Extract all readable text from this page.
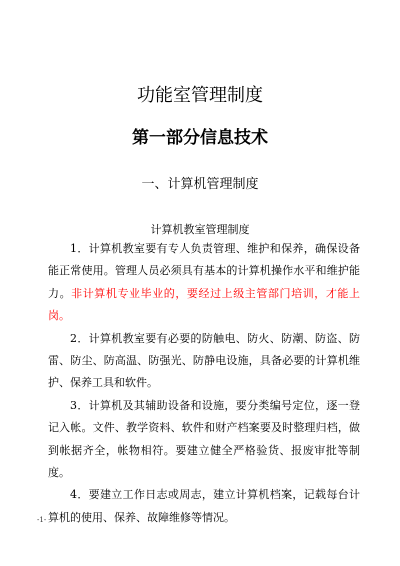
功能室管理制度
第一部分信息技术
一、计算机管理制度
计算机教室管理制度

1．计算机教室要有专人负责管理、维护和保养，确保设备能正常使用。管理人员必须具有基本的计算机操作水平和维护能力。非计算机专业毕业的，要经过上级主管部门培训，才能上岗。

2．计算机教室要有必要的防触电、防火、防潮、防盗、防雷、防尘、防高温、防强光、防静电设施，具备必要的计算机维护、保养工具和软件。

3．计算机及其辅助设备和设施，要分类编号定位，逐一登记入帐。文件、教学资料、软件和财产档案要及时整理归档，做到帐据齐全，帐物相符。要建立健全严格验货、报废审批等制度。

4．要建立工作日志或周志，建立计算机档案，记载每台计算机的使用、保养、故障维修等情况。

-1-
